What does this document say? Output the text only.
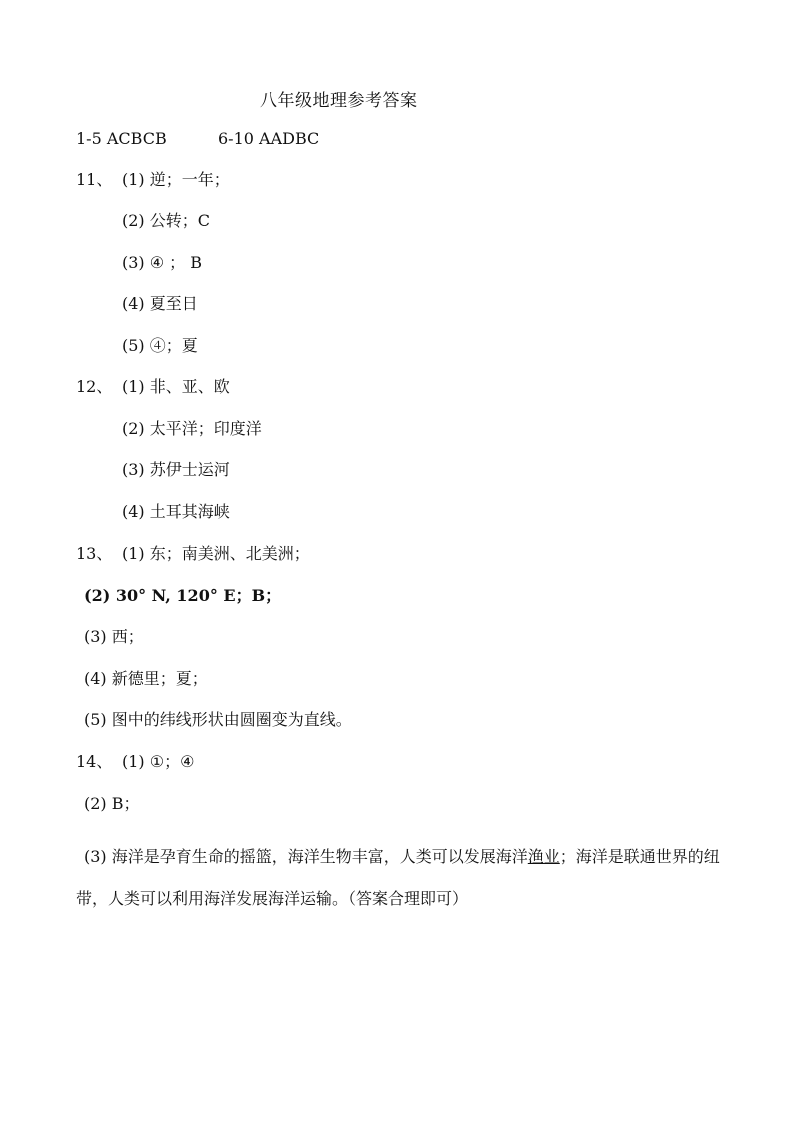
八年级地理参考答案
1-5 ACBCB	6-10 AADBC
11、 (1) 逆；一年；
(2) 公转；C
(3) ④ ； B
(4) 夏至日
(5) ④；夏
12、 (1) 非、亚、欧
(2) 太平洋；印度洋
(3) 苏伊士运河
(4) 土耳其海峡
13、 (1) 东；南美洲、北美洲；
(2) 30° N, 120° E；B；
(3) 西；
(4) 新德里；夏；
(5) 图中的纬线形状由圆圈变为直线。
14、 (1) ①；④
(2) B；
(3) 海洋是孕育生命的摇篮，海洋生物丰富，人类可以发展海洋渔业；海洋是联通世界的纽带，人类可以利用海洋发展海洋运输。（答案合理即可）
